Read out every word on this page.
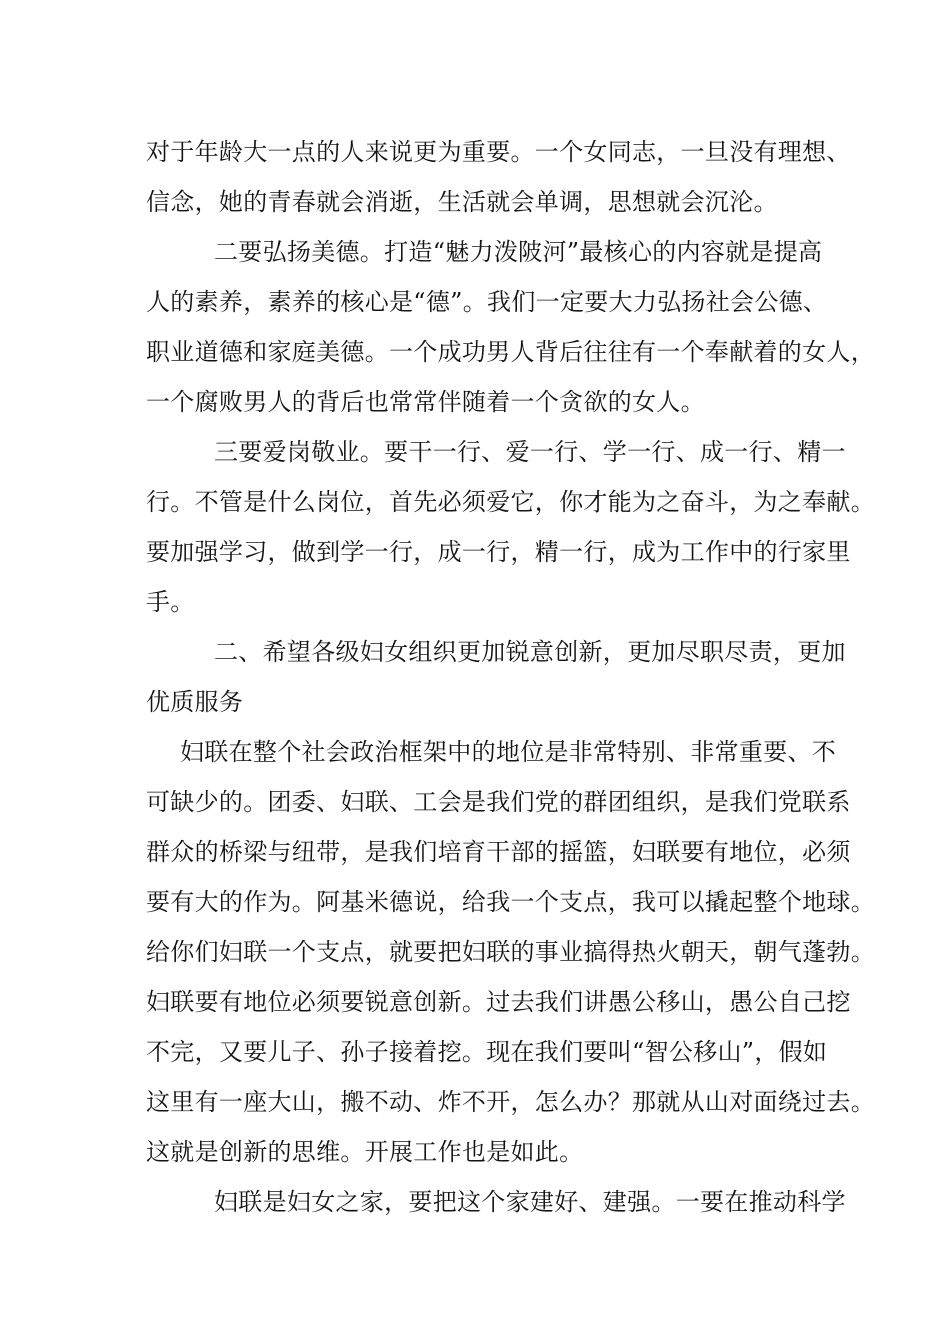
对于年龄大一点的人来说更为重要。一个女同志，一旦没有理想、
信念，她的青春就会消逝，生活就会单调，思想就会沉沦。
二要弘扬美德。打造“魅力泼陂河”最核心的内容就是提高
人的素养，素养的核心是“德”。我们一定要大力弘扬社会公德、
职业道德和家庭美德。一个成功男人背后往往有一个奉献着的女人，
一个腐败男人的背后也常常伴随着一个贪欲的女人。
三要爱岗敬业。要干一行、爱一行、学一行、成一行、精一
行。不管是什么岗位，首先必须爱它，你才能为之奋斗，为之奉献。
要加强学习，做到学一行，成一行，精一行，成为工作中的行家里
手。
二、希望各级妇女组织更加锐意创新，更加尽职尽责，更加
优质服务
妇联在整个社会政治框架中的地位是非常特别、非常重要、不
可缺少的。团委、妇联、工会是我们党的群团组织，是我们党联系
群众的桥梁与纽带，是我们培育干部的摇篮，妇联要有地位，必须
要有大的作为。阿基米德说，给我一个支点，我可以撬起整个地球。
给你们妇联一个支点，就要把妇联的事业搞得热火朝天，朝气蓬勃。
妇联要有地位必须要锐意创新。过去我们讲愚公移山，愚公自己挖
不完，又要儿子、孙子接着挖。现在我们要叫“智公移山”，假如
这里有一座大山，搬不动、炸不开，怎么办？那就从山对面绕过去。
这就是创新的思维。开展工作也是如此。
妇联是妇女之家，要把这个家建好、建强。一要在推动科学
